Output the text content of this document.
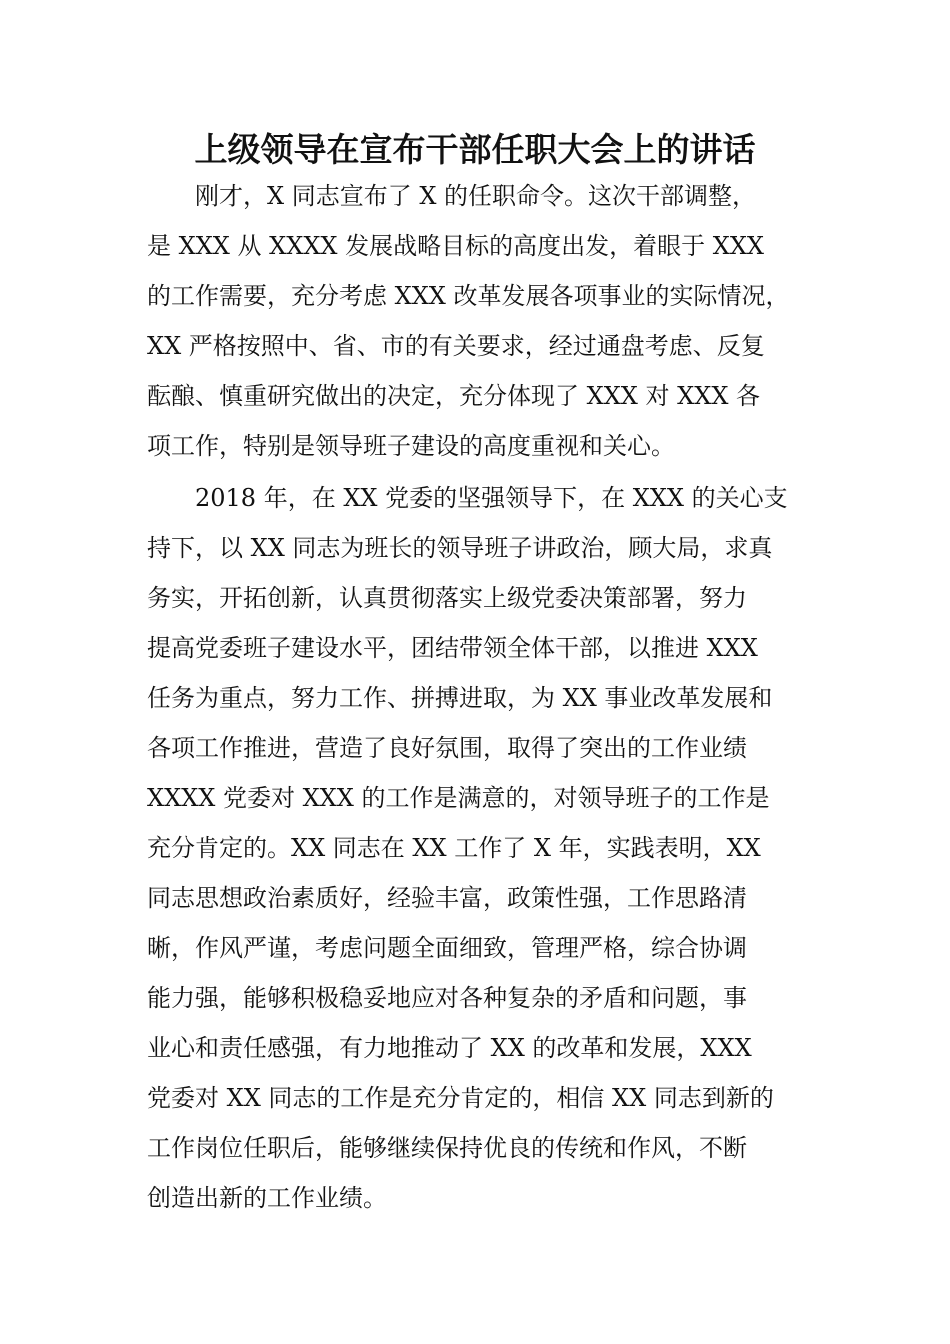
上级领导在宣布干部任职大会上的讲话

刚才，X 同志宣布了 X 的任职命令。这次干部调整，

是 XXX 从 XXXX 发展战略目标的高度出发，着眼于 XXX

的工作需要，充分考虑 XXX 改革发展各项事业的实际情况，

XX 严格按照中、省、市的有关要求，经过通盘考虑、反复

酝酿、慎重研究做出的决定，充分体现了 XXX 对 XXX 各

项工作，特别是领导班子建设的高度重视和关心。

2018 年，在 XX 党委的坚强领导下，在 XXX 的关心支

持下，以 XX 同志为班长的领导班子讲政治，顾大局，求真

务实，开拓创新，认真贯彻落实上级党委决策部署，努力

提高党委班子建设水平，团结带领全体干部，以推进 XXX

任务为重点，努力工作、拼搏进取，为 XX 事业改革发展和

各项工作推进，营造了良好氛围，取得了突出的工作业绩

XXXX 党委对 XXX 的工作是满意的，对领导班子的工作是

充分肯定的。XX 同志在 XX 工作了 X 年，实践表明，XX

同志思想政治素质好，经验丰富，政策性强，工作思路清

晰，作风严谨，考虑问题全面细致，管理严格，综合协调

能力强，能够积极稳妥地应对各种复杂的矛盾和问题，事

业心和责任感强，有力地推动了 XX 的改革和发展，XXX

党委对 XX 同志的工作是充分肯定的，相信 XX 同志到新的

工作岗位任职后，能够继续保持优良的传统和作风，不断

创造出新的工作业绩。
